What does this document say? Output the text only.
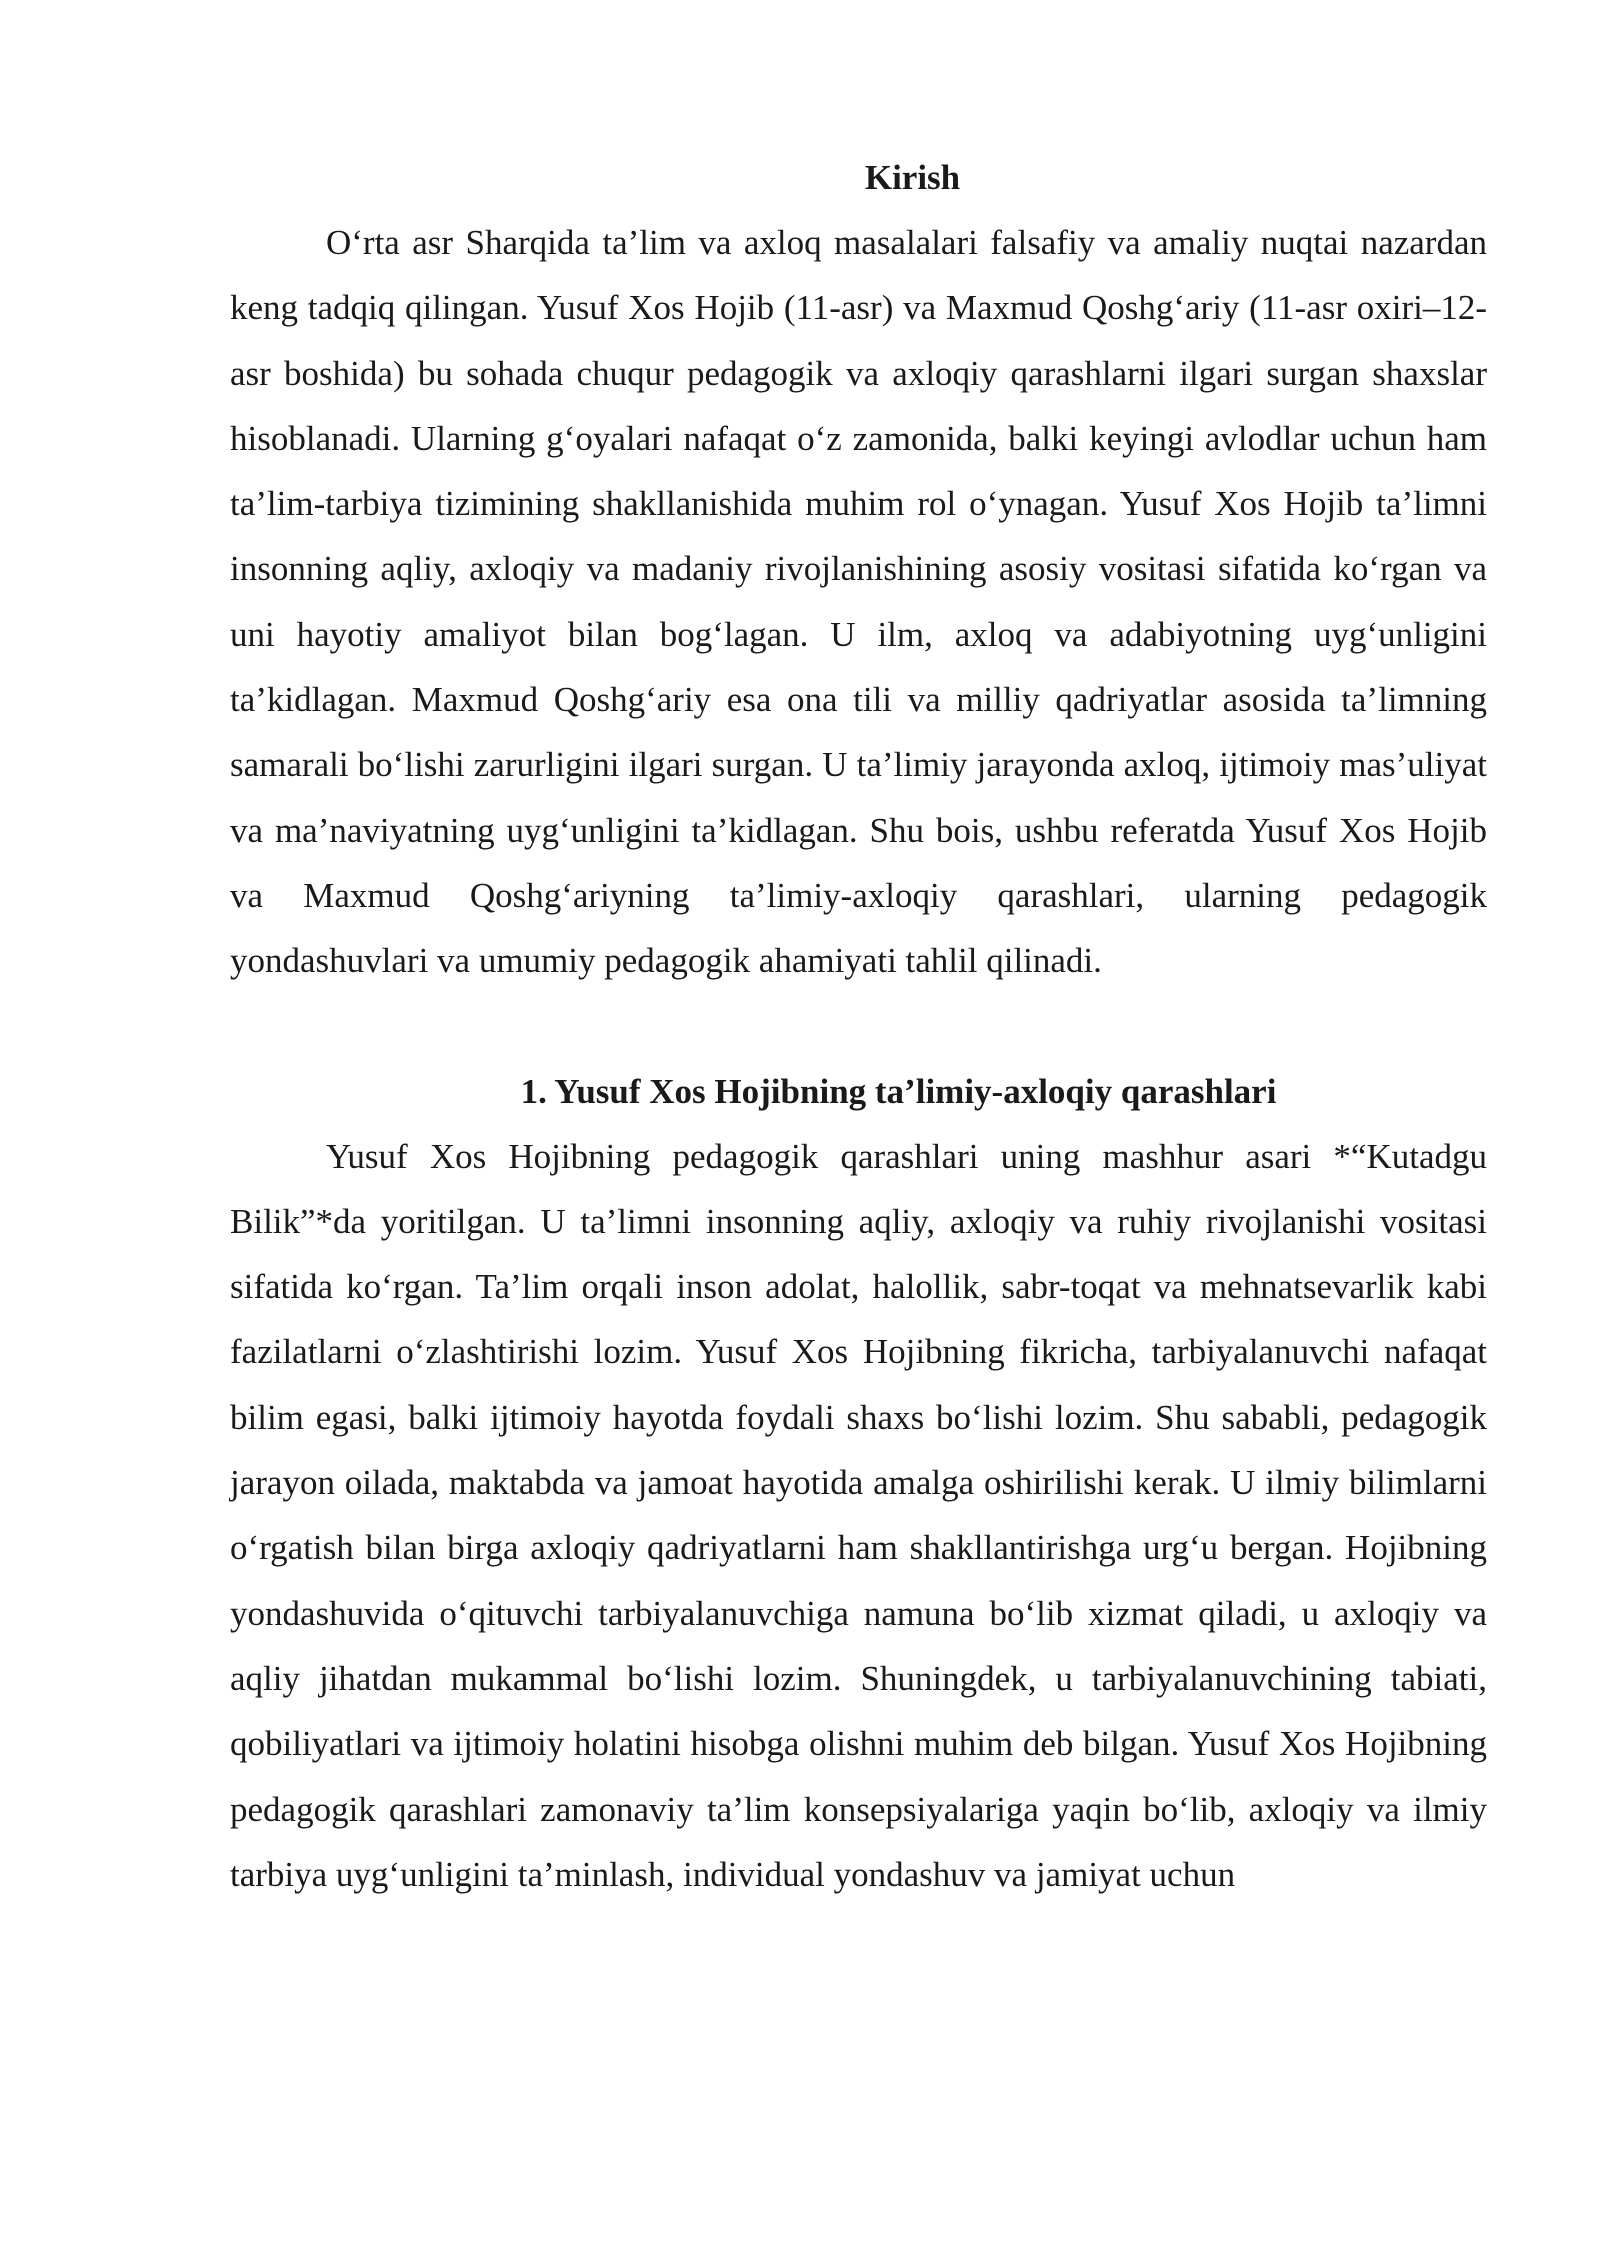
Kirish

O‘rta asr Sharqida ta’lim va axloq masalalari falsafiy va amaliy nuqtai nazardan keng tadqiq qilingan. Yusuf Xos Hojib (11-asr) va Maxmud Qoshg‘ariy (11-asr oxiri–12-asr boshida) bu sohada chuqur pedagogik va axloqiy qarashlarni ilgari surgan shaxslar hisoblanadi. Ularning g‘oyalari nafaqat o‘z zamonida, balki keyingi avlodlar uchun ham ta’lim-tarbiya tizimining shakllanishida muhim rol o‘ynagan. Yusuf Xos Hojib ta’limni insonning aqliy, axloqiy va madaniy rivojlanishining asosiy vositasi sifatida ko‘rgan va uni hayotiy amaliyot bilan bog‘lagan. U ilm, axloq va adabiyotning uyg‘unligini ta’kidlagan. Maxmud Qoshg‘ariy esa ona tili va milliy qadriyatlar asosida ta’limning samarali bo‘lishi zarurligini ilgari surgan. U ta’limiy jarayonda axloq, ijtimoiy mas’uliyat va ma’naviyatning uyg‘unligini ta’kidlagan. Shu bois, ushbu referatda Yusuf Xos Hojib va Maxmud Qoshg‘ariyning ta’limiy-axloqiy qarashlari, ularning pedagogik yondashuvlari va umumiy pedagogik ahamiyati tahlil qilinadi.

1. Yusuf Xos Hojibning ta’limiy-axloqiy qarashlari

Yusuf Xos Hojibning pedagogik qarashlari uning mashhur asari *“Kutadgu Bilik”*da yoritilgan. U ta’limni insonning aqliy, axloqiy va ruhiy rivojlanishi vositasi sifatida ko‘rgan. Ta’lim orqali inson adolat, halollik, sabr-toqat va mehnatsevarlik kabi fazilatlarni o‘zlashtirishi lozim. Yusuf Xos Hojibning fikricha, tarbiyalanuvchi nafaqat bilim egasi, balki ijtimoiy hayotda foydali shaxs bo‘lishi lozim. Shu sababli, pedagogik jarayon oilada, maktabda va jamoat hayotida amalga oshirilishi kerak. U ilmiy bilimlarni o‘rgatish bilan birga axloqiy qadriyatlarni ham shakllantirishga urg‘u bergan. Hojibning yondashuvida o‘qituvchi tarbiyalanuvchiga namuna bo‘lib xizmat qiladi, u axloqiy va aqliy jihatdan mukammal bo‘lishi lozim. Shuningdek, u tarbiyalanuvchining tabiati, qobiliyatlari va ijtimoiy holatini hisobga olishni muhim deb bilgan. Yusuf Xos Hojibning pedagogik qarashlari zamonaviy ta’lim konsepsiyalariga yaqin bo‘lib, axloqiy va ilmiy tarbiya uyg‘unligini ta’minlash, individual yondashuv va jamiyat uchun
